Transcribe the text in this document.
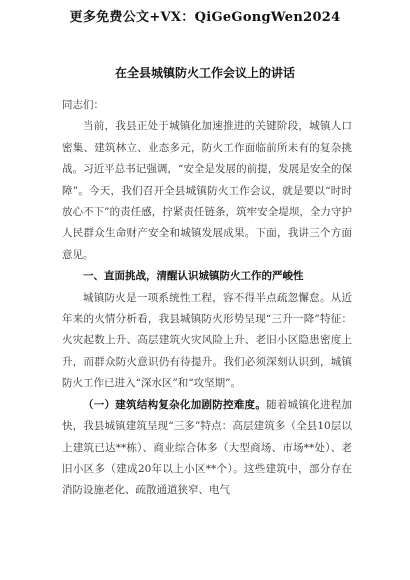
更多免费公文+VX：QiGeGongWen2024
在全县城镇防火工作会议上的讲话

同志们：

当前，我县正处于城镇化加速推进的关键阶段，城镇人口密集、建筑林立、业态多元，防火工作面临前所未有的复杂挑战。习近平总书记强调，“安全是发展的前提，发展是安全的保障”。今天，我们召开全县城镇防火工作会议，就是要以“时时放心不下”的责任感，拧紧责任链条，筑牢安全堤坝，全力守护人民群众生命财产安全和城镇发展成果。下面，我讲三个方面意见。

一、直面挑战，清醒认识城镇防火工作的严峻性

城镇防火是一项系统性工程，容不得半点疏忽懈怠。从近年来的火情分析看，我县城镇防火形势呈现“三升一降”特征：火灾起数上升、高层建筑火灾风险上升、老旧小区隐患密度上升，而群众防火意识仍有待提升。我们必须深刻认识到，城镇防火工作已进入“深水区”和“攻坚期”。

（一）建筑结构复杂化加剧防控难度。随着城镇化进程加快，我县城镇建筑呈现“三多”特点：高层建筑多（全县10层以上建筑已达**栋）、商业综合体多（大型商场、市场**处）、老旧小区多（建成20年以上小区**个）。这些建筑中，部分存在消防设施老化、疏散通道狭窄、电气
